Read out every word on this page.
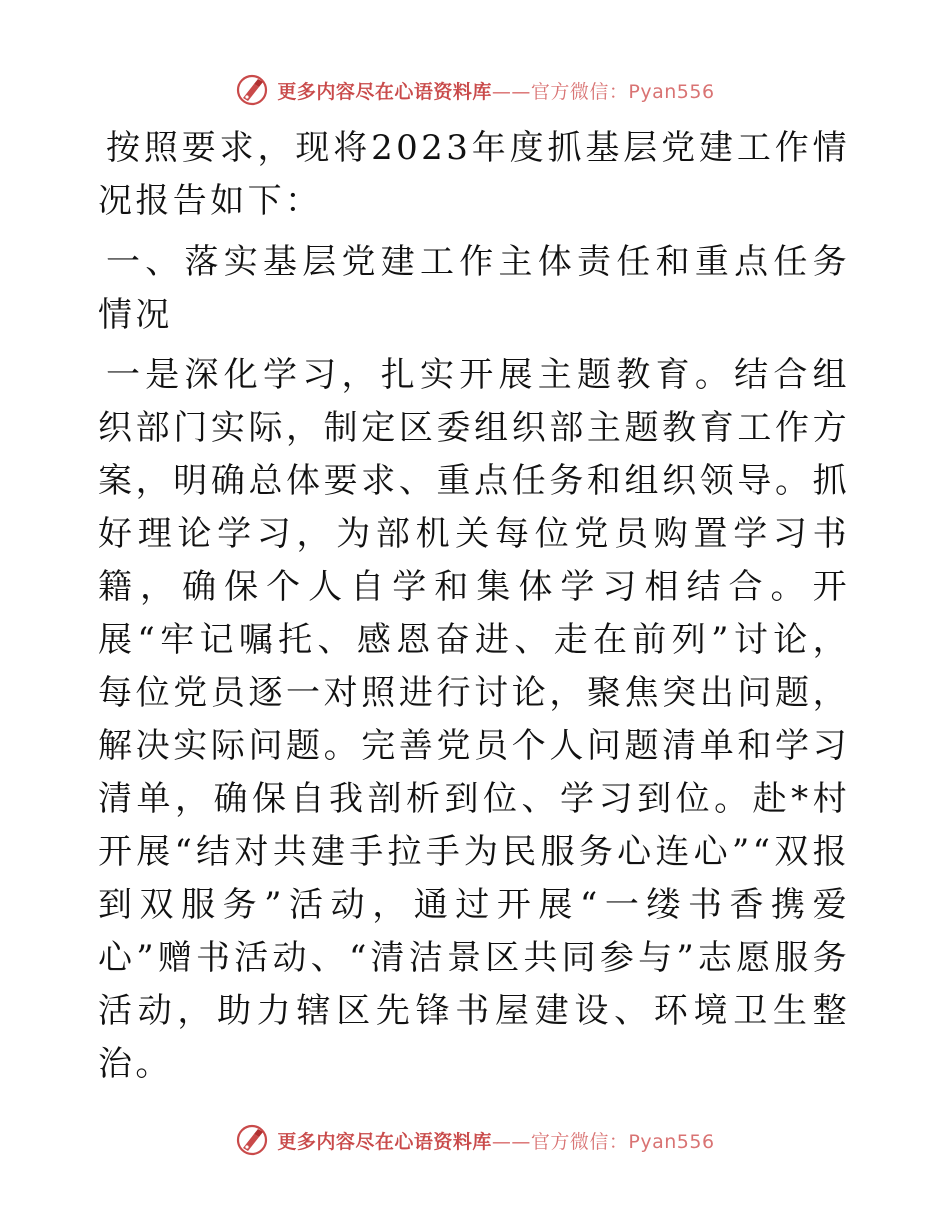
更多内容尽在心语资料库——官方微信：Pyan556

按照要求，现将2023年度抓基层党建工作情况报告如下：

一、落实基层党建工作主体责任和重点任务情况

一是深化学习，扎实开展主题教育。结合组织部门实际，制定区委组织部主题教育工作方案，明确总体要求、重点任务和组织领导。抓好理论学习，为部机关每位党员购置学习书籍，确保个人自学和集体学习相结合。开展“牢记嘱托、感恩奋进、走在前列”讨论，每位党员逐一对照进行讨论，聚焦突出问题，解决实际问题。完善党员个人问题清单和学习清单，确保自我剖析到位、学习到位。赴*村开展“结对共建手拉手为民服务心连心”“双报到双服务”活动，通过开展“一缕书香携爱心”赠书活动、“清洁景区共同参与”志愿服务活动，助力辖区先锋书屋建设、环境卫生整治。

更多内容尽在心语资料库——官方微信：Pyan556
